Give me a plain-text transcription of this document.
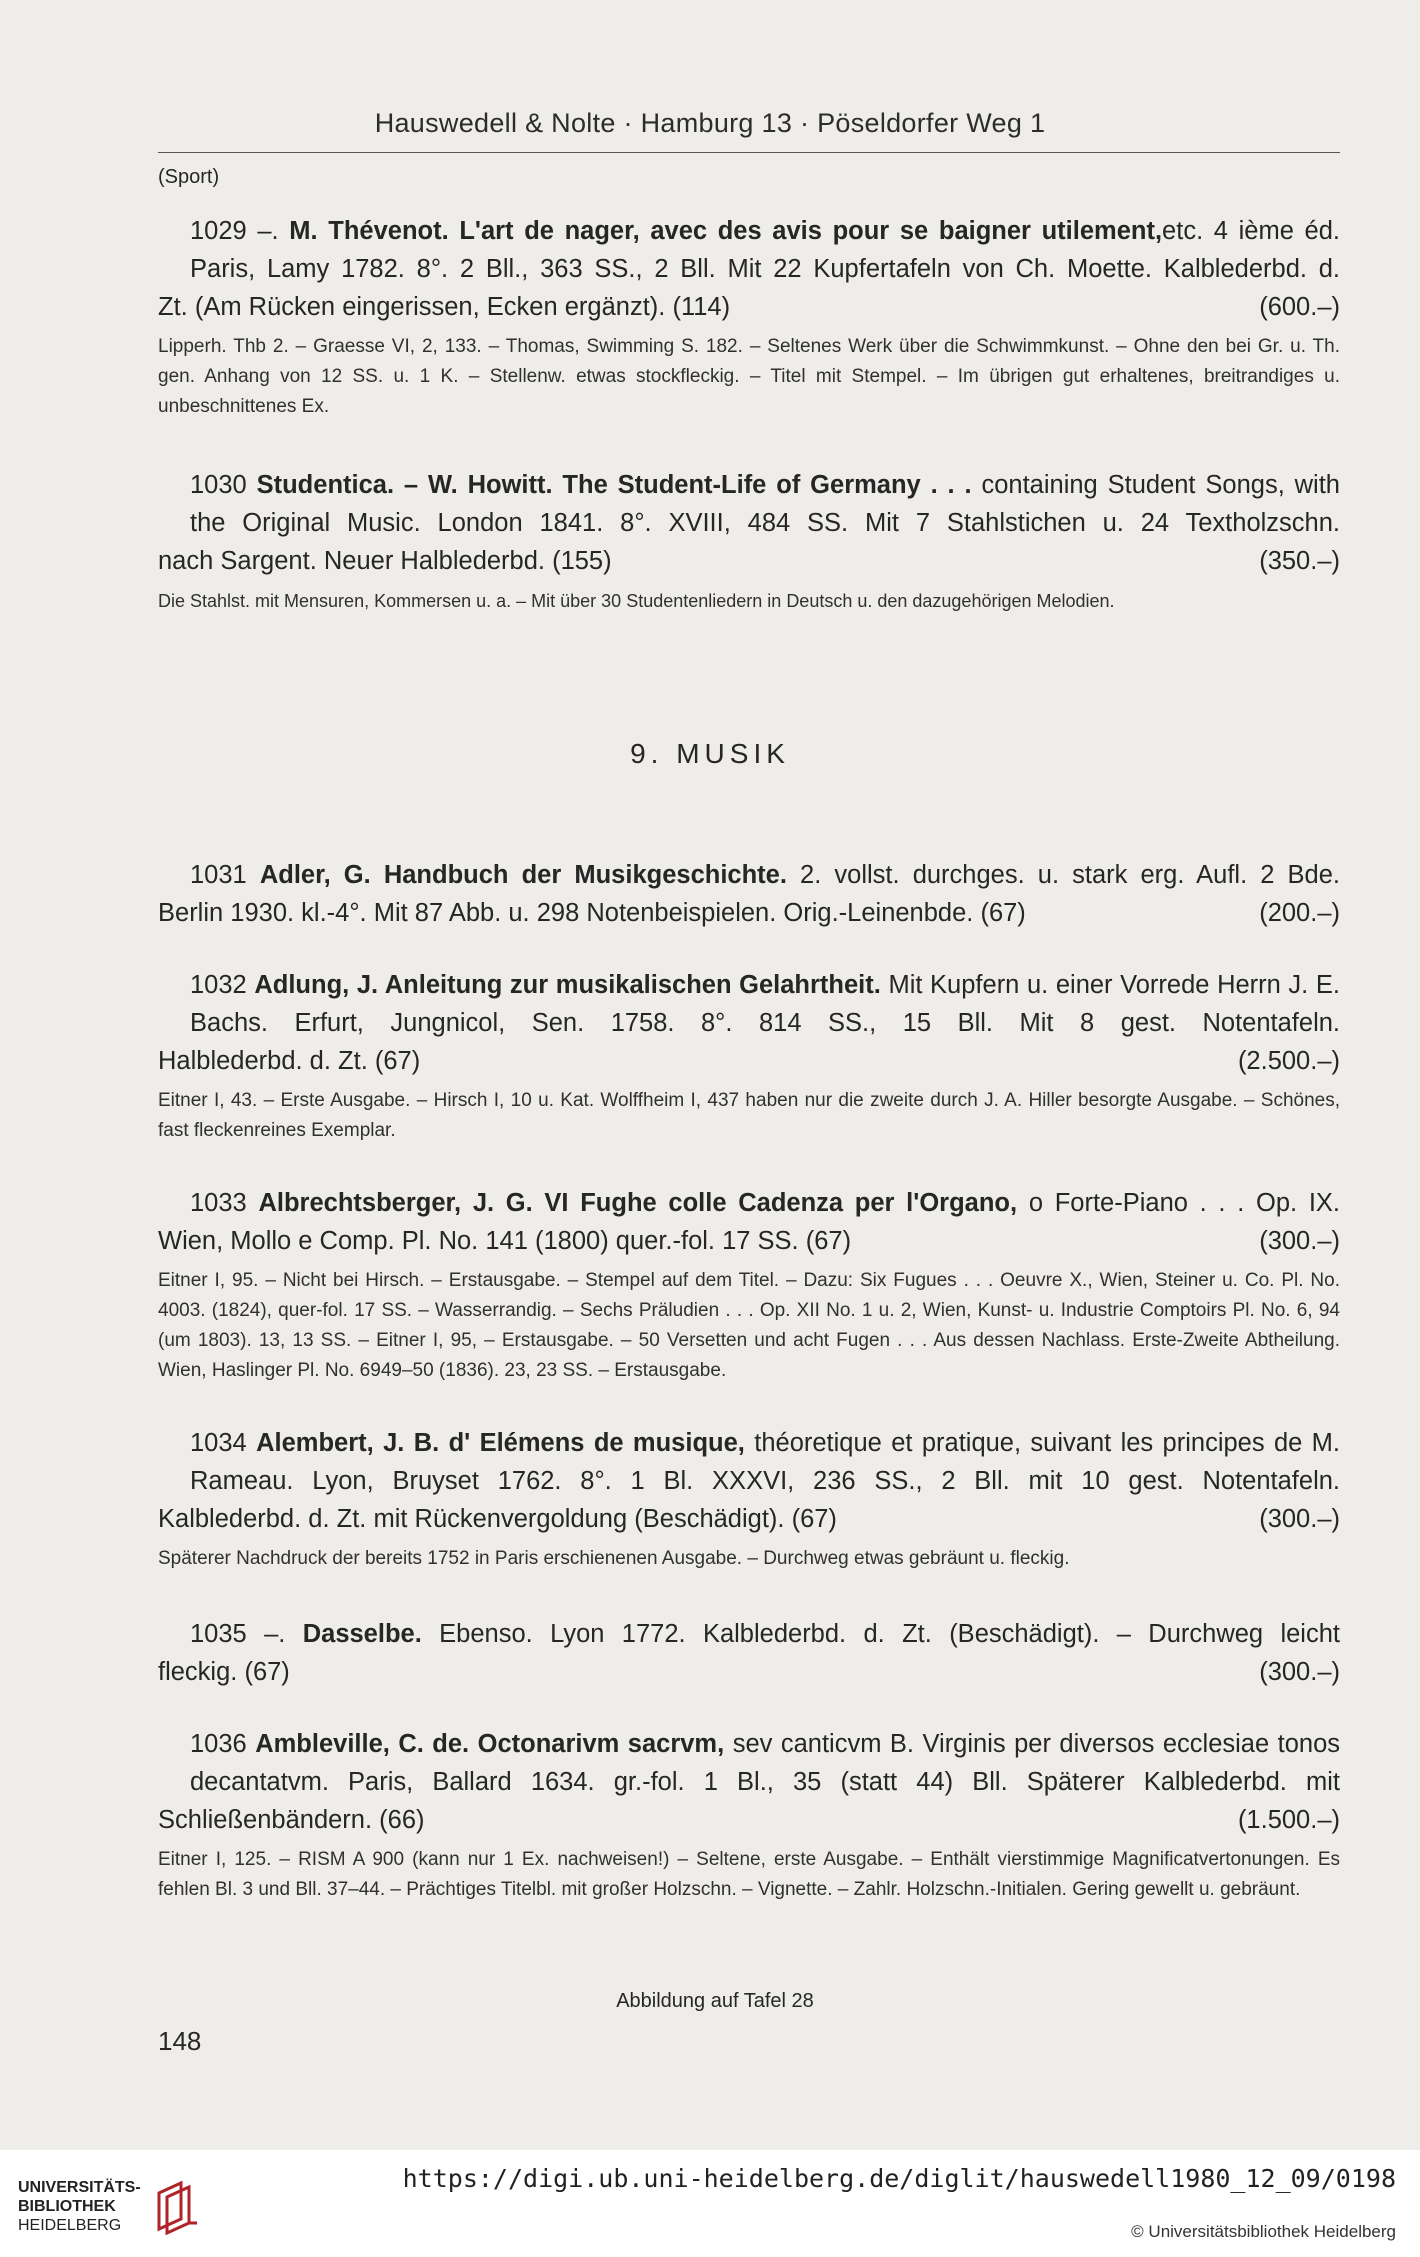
Hauswedell & Nolte · Hamburg 13 · Pöseldorfer Weg 1
(Sport)

1029 –. M. Thévenot. L'art de nager, avec des avis pour se baigner utilement,etc. 4 ième éd. Paris, Lamy 1782. 8°. 2 Bll., 363 SS., 2 Bll. Mit 22 Kupfertafeln von Ch. Moette. Kalblederbd. d.

Zt. (Am Rücken eingerissen, Ecken ergänzt). (114)	(600.–)

Lipperh. Thb 2. – Graesse VI, 2, 133. – Thomas, Swimming S. 182. – Seltenes Werk über die Schwimmkunst. – Ohne den bei Gr. u. Th. gen. Anhang von 12 SS. u. 1 K. – Stellenw. etwas stockfleckig. – Titel mit Stempel. – Im übrigen gut erhaltenes, breitrandiges u. unbeschnittenes Ex.

1030 Studentica. – W. Howitt. The Student-Life of Germany . . . containing Student Songs, with the Original Music. London 1841. 8°. XVIII, 484 SS. Mit 7 Stahlstichen u. 24 Textholzschn.

nach Sargent. Neuer Halblederbd. (155)	(350.–)

Die Stahlst. mit Mensuren, Kommersen u. a. – Mit über 30 Studentenliedern in Deutsch u. den dazugehörigen Melodien.

9. MUSIK

1031 Adler, G. Handbuch der Musikgeschichte. 2. vollst. durchges. u. stark erg. Aufl. 2 Bde.

Berlin 1930. kl.-4°. Mit 87 Abb. u. 298 Notenbeispielen. Orig.-Leinenbde. (67)	(200.–)

1032 Adlung, J. Anleitung zur musikalischen Gelahrtheit. Mit Kupfern u. einer Vorrede Herrn J. E. Bachs. Erfurt, Jungnicol, Sen. 1758. 8°. 814 SS., 15 Bll. Mit 8 gest. Notentafeln.

Halblederbd. d. Zt. (67)	(2.500.–)

Eitner I, 43. – Erste Ausgabe. – Hirsch I, 10 u. Kat. Wolffheim I, 437 haben nur die zweite durch J. A. Hiller besorgte Ausgabe. – Schönes, fast fleckenreines Exemplar.

1033 Albrechtsberger, J. G. VI Fughe colle Cadenza per l'Organo, o Forte-Piano . . . Op. IX.

Wien, Mollo e Comp. Pl. No. 141 (1800) quer.-fol. 17 SS. (67)	(300.–)

Eitner I, 95. – Nicht bei Hirsch. – Erstausgabe. – Stempel auf dem Titel. – Dazu: Six Fugues . . . Oeuvre X., Wien, Steiner u. Co. Pl. No. 4003. (1824), quer-fol. 17 SS. – Wasserrandig. – Sechs Präludien . . . Op. XII No. 1 u. 2, Wien, Kunst- u. Industrie Comptoirs Pl. No. 6, 94 (um 1803). 13, 13 SS. – Eitner I, 95, – Erstausgabe. – 50 Versetten und acht Fugen . . . Aus dessen Nachlass. Erste-Zweite Abtheilung. Wien, Haslinger Pl. No. 6949–50 (1836). 23, 23 SS. – Erstausgabe.

1034 Alembert, J. B. d' Elémens de musique, théoretique et pratique, suivant les principes de M. Rameau. Lyon, Bruyset 1762. 8°. 1 Bl. XXXVI, 236 SS., 2 Bll. mit 10 gest. Notentafeln.

Kalblederbd. d. Zt. mit Rückenvergoldung (Beschädigt). (67)	(300.–)

Späterer Nachdruck der bereits 1752 in Paris erschienenen Ausgabe. – Durchweg etwas gebräunt u. fleckig.

1035 –. Dasselbe. Ebenso. Lyon 1772. Kalblederbd. d. Zt. (Beschädigt). – Durchweg leicht

fleckig. (67)	(300.–)

1036 Ambleville, C. de. Octonarivm sacrvm, sev canticvm B. Virginis per diversos ecclesiae tonos decantatvm. Paris, Ballard 1634. gr.-fol. 1 Bl., 35 (statt 44) Bll. Späterer Kalblederbd. mit

Schließenbändern. (66)	(1.500.–)

Eitner I, 125. – RISM A 900 (kann nur 1 Ex. nachweisen!) – Seltene, erste Ausgabe. – Enthält vierstimmige Magnificatvertonungen. Es fehlen Bl. 3 und Bll. 37–44. – Prächtiges Titelbl. mit großer Holzschn. – Vignette. – Zahlr. Holzschn.-Initialen. Gering gewellt u. gebräunt.

Abbildung auf Tafel 28
148
UNIVERSITÄTS-
BIBLIOTHEK
HEIDELBERG
https://digi.ub.uni-heidelberg.de/diglit/hauswedell1980_12_09/0198
© Universitätsbibliothek Heidelberg
